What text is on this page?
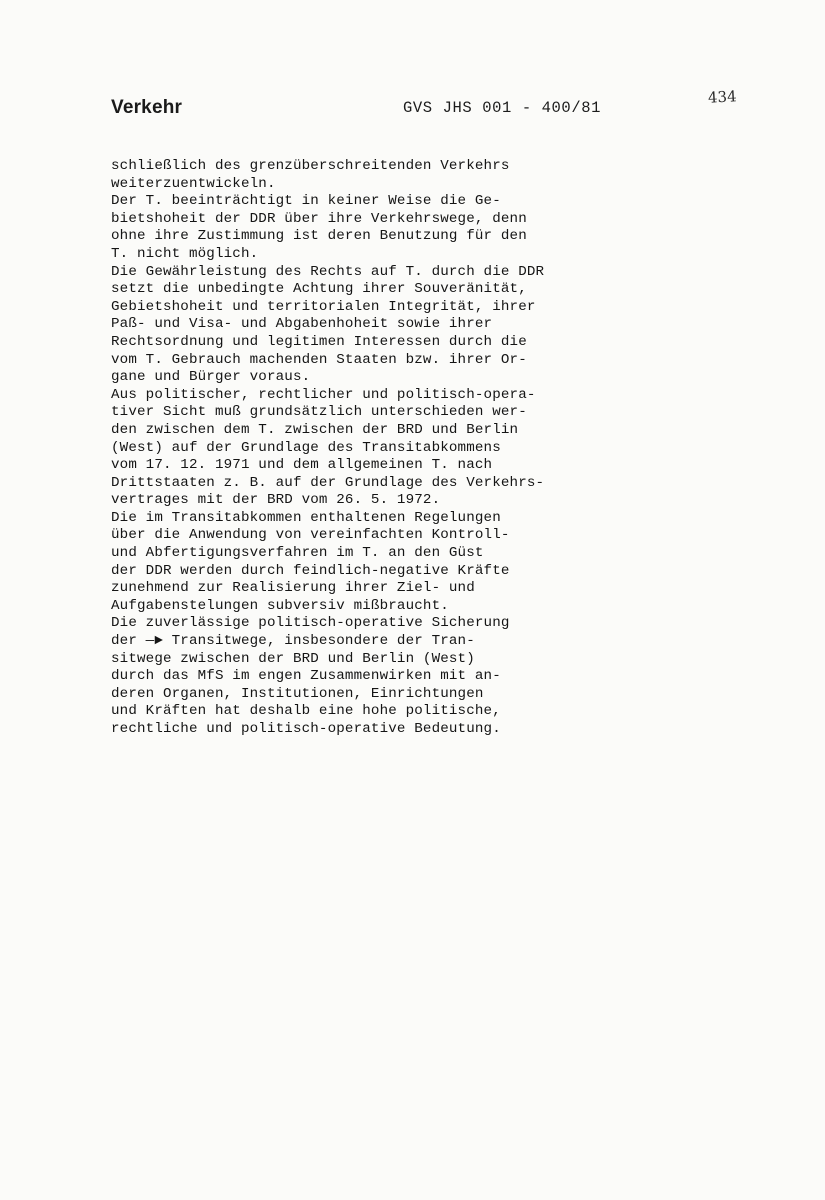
Verkehr	GVS JHS 001 - 400/81
434
schließlich des grenzüberschreitenden Verkehrs
weiterzuentwickeln.
Der T. beeinträchtigt in keiner Weise die Ge-
bietshoheit der DDR über ihre Verkehrswege, denn
ohne ihre Zustimmung ist deren Benutzung für den
T. nicht möglich.
Die Gewährleistung des Rechts auf T. durch die DDR
setzt die unbedingte Achtung ihrer Souveränität,
Gebietshoheit und territorialen Integrität, ihrer
Paß- und Visa- und Abgabenhoheit sowie ihrer
Rechtsordnung und legitimen Interessen durch die
vom T. Gebrauch machenden Staaten bzw. ihrer Or-
gane und Bürger voraus.
Aus politischer, rechtlicher und politisch-opera-
tiver Sicht muß grundsätzlich unterschieden wer-
den zwischen dem T. zwischen der BRD und Berlin
(West) auf der Grundlage des Transitabkommens
vom 17. 12. 1971 und dem allgemeinen T. nach
Drittstaaten z. B. auf der Grundlage des Verkehrs-
vertrages mit der BRD vom 26. 5. 1972.
Die im Transitabkommen enthaltenen Regelungen
über die Anwendung von vereinfachten Kontroll-
und Abfertigungsverfahren im T. an den Güst
der DDR werden durch feindlich-negative Kräfte
zunehmend zur Realisierung ihrer Ziel- und
Aufgabenstelungen subversiv mißbraucht.
Die zuverlässige politisch-operative Sicherung
der —► Transitwege, insbesondere der Tran-
sitwege zwischen der BRD und Berlin (West)
durch das MfS im engen Zusammenwirken mit an-
deren Organen, Institutionen, Einrichtungen
und Kräften hat deshalb eine hohe politische,
rechtliche und politisch-operative Bedeutung.
